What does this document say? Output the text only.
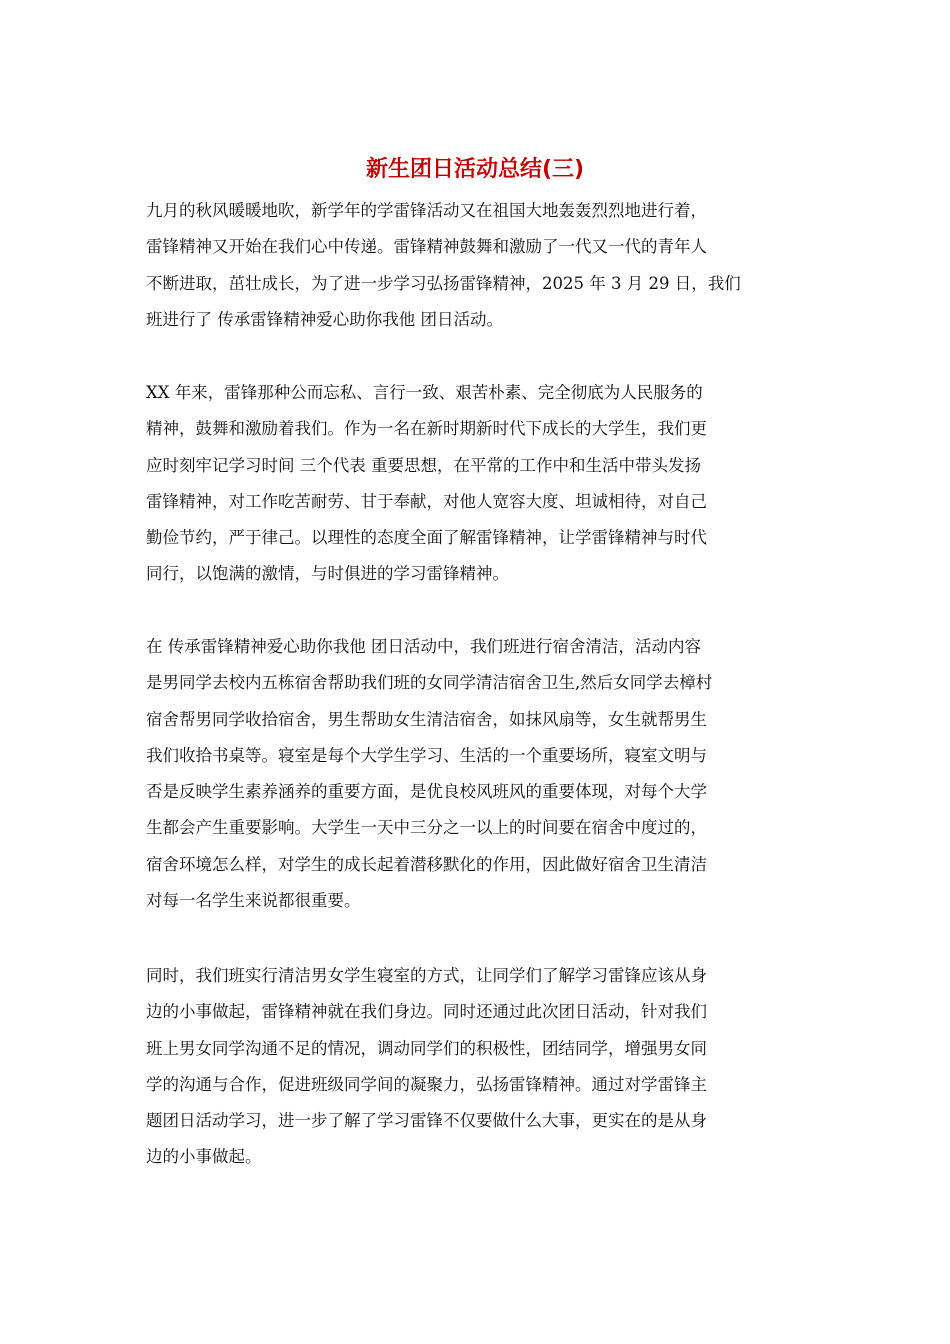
新生团日活动总结(三)

九月的秋风暖暖地吹，新学年的学雷锋活动又在祖国大地轰轰烈烈地进行着，
雷锋精神又开始在我们心中传递。雷锋精神鼓舞和激励了一代又一代的青年人
不断进取，茁壮成长，为了进一步学习弘扬雷锋精神，2025 年 3 月 29 日，我们
班进行了 传承雷锋精神爱心助你我他 团日活动。

XX 年来，雷锋那种公而忘私、言行一致、艰苦朴素、完全彻底为人民服务的
精神，鼓舞和激励着我们。作为一名在新时期新时代下成长的大学生，我们更
应时刻牢记学习时间 三个代表 重要思想，在平常的工作中和生活中带头发扬
雷锋精神，对工作吃苦耐劳、甘于奉献，对他人宽容大度、坦诚相待，对自己
勤俭节约，严于律己。以理性的态度全面了解雷锋精神，让学雷锋精神与时代
同行，以饱满的激情，与时俱进的学习雷锋精神。

在 传承雷锋精神爱心助你我他 团日活动中，我们班进行宿舍清洁，活动内容
是男同学去校内五栋宿舍帮助我们班的女同学清洁宿舍卫生,然后女同学去樟村
宿舍帮男同学收拾宿舍，男生帮助女生清洁宿舍，如抹风扇等，女生就帮男生
我们收拾书桌等。寝室是每个大学生学习、生活的一个重要场所，寝室文明与
否是反映学生素养涵养的重要方面，是优良校风班风的重要体现，对每个大学
生都会产生重要影响。大学生一天中三分之一以上的时间要在宿舍中度过的，
宿舍环境怎么样，对学生的成长起着潜移默化的作用，因此做好宿舍卫生清洁
对每一名学生来说都很重要。

同时，我们班实行清洁男女学生寝室的方式，让同学们了解学习雷锋应该从身
边的小事做起，雷锋精神就在我们身边。同时还通过此次团日活动，针对我们
班上男女同学沟通不足的情况，调动同学们的积极性，团结同学，增强男女同
学的沟通与合作，促进班级同学间的凝聚力，弘扬雷锋精神。通过对学雷锋主
题团日活动学习，进一步了解了学习雷锋不仅要做什么大事，更实在的是从身
边的小事做起。
